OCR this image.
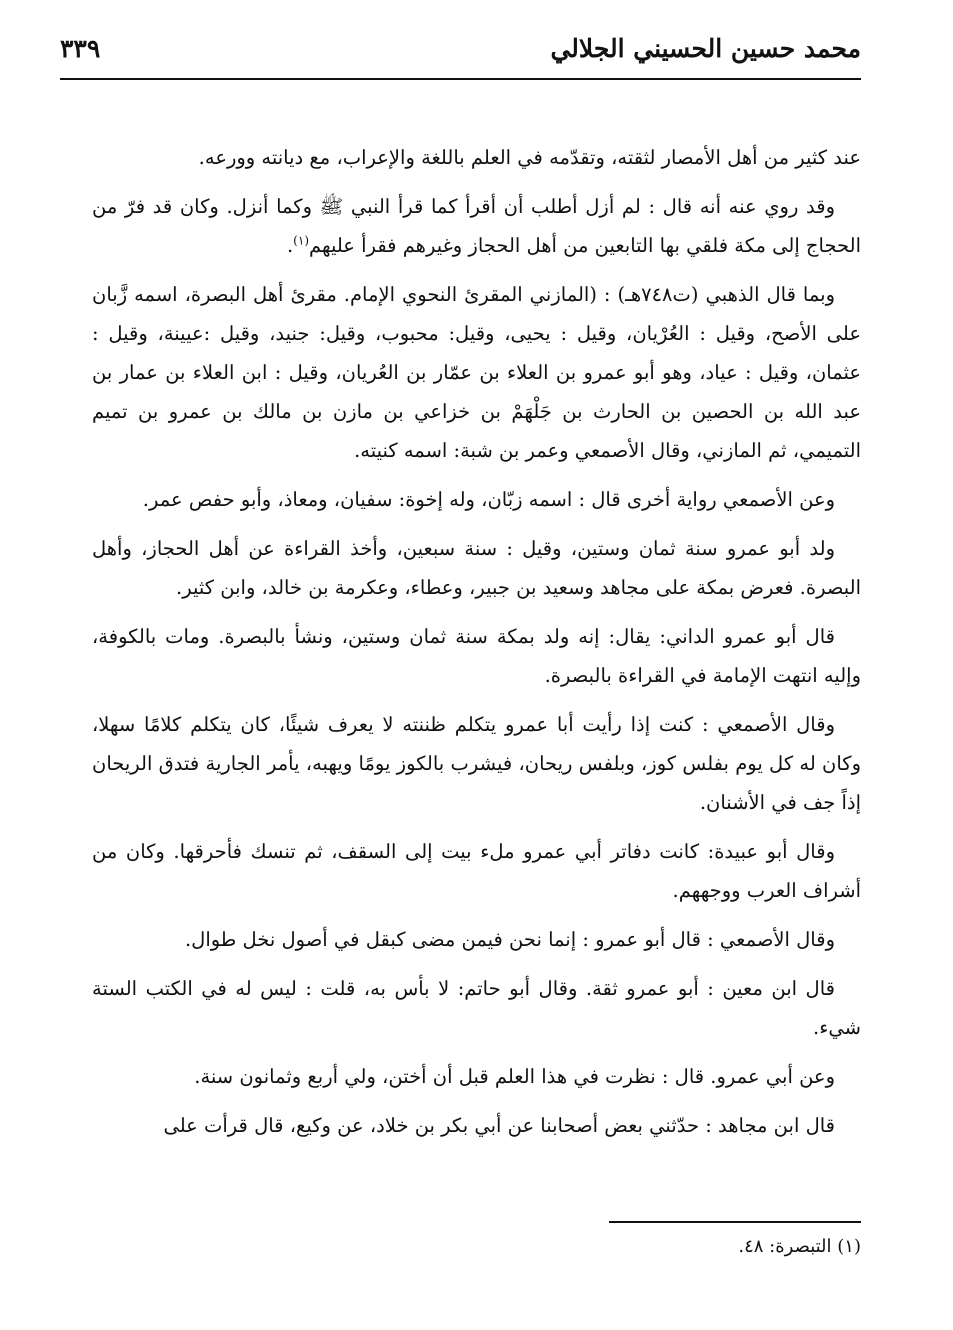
محمد حسين الحسيني الجلالي
٣٣٩

عند كثير من أهل الأمصار لثقته، وتقدّمه في العلم باللغة والإعراب، مع ديانته وورعه.

وقد روي عنه أنه قال : لم أزل أطلب أن أقرأ كما قرأ النبي ﷺ وكما أنزل. وكان قد فرّ من الحجاج إلى مكة فلقي بها التابعين من أهل الحجاز وغيرهم فقرأ عليهم$^{(١)}$.

وبما قال الذهبي (ت٧٤٨هـ) : (المازني المقرئ النحوي الإمام. مقرئ أهل البصرة، اسمه زَّبان على الأصح، وقيل : العُرْيان، وقيل : يحيى، وقيل: محبوب، وقيل: جنيد، وقيل :عيينة، وقيل : عثمان، وقيل : عياد، وهو أبو عمرو بن العلاء بن عمّار بن العُريان، وقيل : ابن العلاء بن عمار بن عبد الله بن الحصين بن الحارث بن جَلْهَمْ بن خزاعي بن مازن بن مالك بن عمرو بن تميم التميمي، ثم المازني، وقال الأصمعي وعمر بن شبة: اسمه كنيته.

وعن الأصمعي رواية أخرى قال : اسمه زبّان، وله إخوة: سفيان، ومعاذ، وأبو حفص عمر.

ولد أبو عمرو سنة ثمان وستين، وقيل : سنة سبعين، وأخذ القراءة عن أهل الحجاز، وأهل البصرة. فعرض بمكة على مجاهد وسعيد بن جبير، وعطاء، وعكرمة بن خالد، وابن كثير.

قال أبو عمرو الداني: يقال: إنه ولد بمكة سنة ثمان وستين، ونشأ بالبصرة. ومات بالكوفة، وإليه انتهت الإمامة في القراءة بالبصرة.

وقال الأصمعي : كنت إذا رأيت أبا عمرو يتكلم ظننته لا يعرف شيئًا، كان يتكلم كلامًا سهلا، وكان له كل يوم بفلس كوز، وبلفس ريحان، فيشرب بالكوز يومًا ويهبه، يأمر الجارية فتدق الريحان إذاً جف في الأشنان.

وقال أبو عبيدة: كانت دفاتر أبي عمرو ملء بيت إلى السقف، ثم تنسك فأحرقها. وكان من أشراف العرب ووجههم.

وقال الأصمعي : قال أبو عمرو : إنما نحن فيمن مضى كبقل في أصول نخل طوال.

قال ابن معين : أبو عمرو ثقة. وقال أبو حاتم: لا بأس به، قلت : ليس له في الكتب الستة شيء.

وعن أبي عمرو. قال : نظرت في هذا العلم قبل أن أختن، ولي أربع وثمانون سنة.

قال ابن مجاهد : حدّثني بعض أصحابنا عن أبي بكر بن خلاد، عن وكيع، قال قرأت على

(١) التبصرة: ٤٨.
